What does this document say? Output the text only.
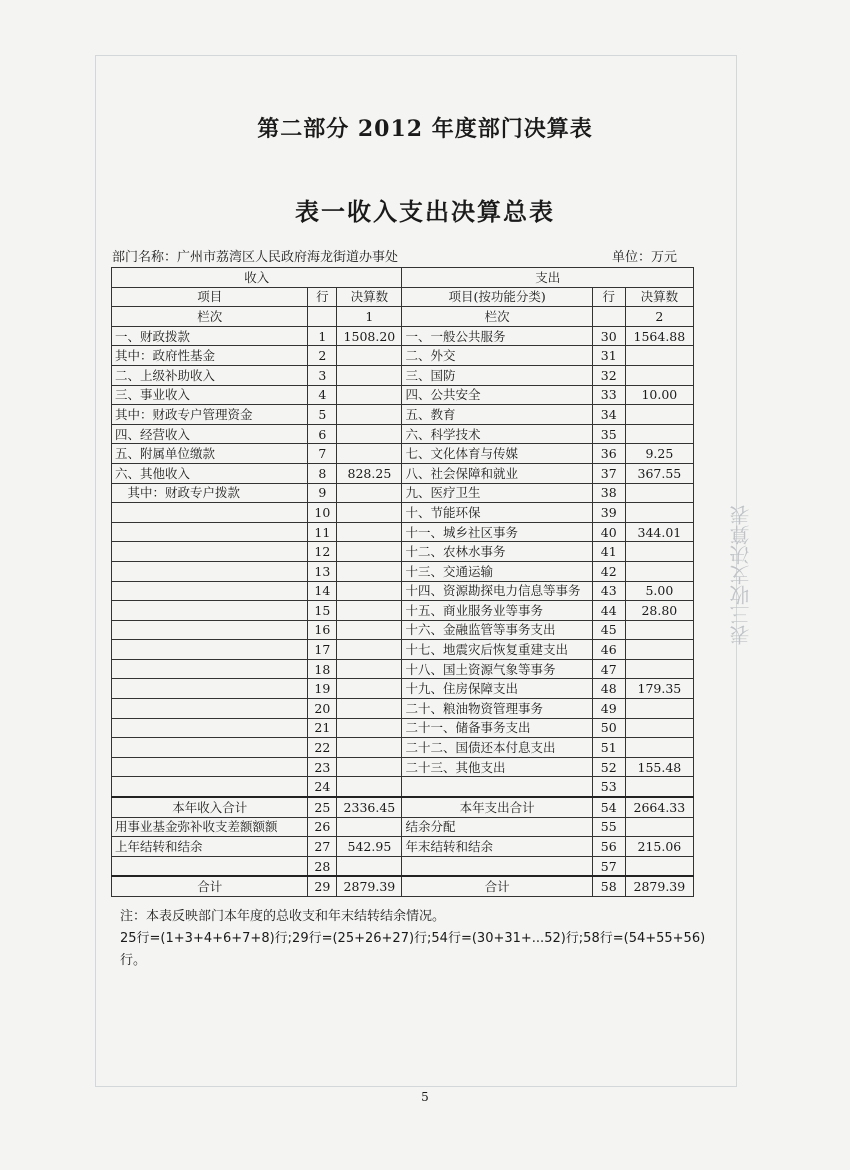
表三收支决算表
第二部分 2012 年度部门决算表
表一收入支出决算总表
部门名称：广州市荔湾区人民政府海龙街道办事处	单位：万元
收入			支出		
项目	行	决算数	项目(按功能分类)	行	决算数
栏次		1	栏次		2
一、财政拨款	1	1508.20	一、一般公共服务	30	1564.88
其中：政府性基金	2		二、外交	31	
二、上级补助收入	3		三、国防	32	
三、事业收入	4		四、公共安全	33	10.00
其中：财政专户管理资金	5		五、教育	34	
四、经营收入	6		六、科学技术	35	
五、附属单位缴款	7		七、文化体育与传媒	36	9.25
六、其他收入	8	828.25	八、社会保障和就业	37	367.55
　其中：财政专户拨款	9		九、医疗卫生	38	
	10		十、节能环保	39	
	11		十一、城乡社区事务	40	344.01
	12		十二、农林水事务	41	
	13		十三、交通运输	42	
	14		十四、资源勘探电力信息等事务	43	5.00
	15		十五、商业服务业等事务	44	28.80
	16		十六、金融监管等事务支出	45	
	17		十七、地震灾后恢复重建支出	46	
	18		十八、国土资源气象等事务	47	
	19		十九、住房保障支出	48	179.35
	20		二十、粮油物资管理事务	49	
	21		二十一、储备事务支出	50	
	22		二十二、国债还本付息支出	51	
	23		二十三、其他支出	52	155.48
	24			53	
本年收入合计	25	2336.45	本年支出合计	54	2664.33
用事业基金弥补收支差额额额	26		结余分配	55	
上年结转和结余	27	542.95	年末结转和结余	56	215.06
	28			57	
合计	29	2879.39	合计	58	2879.39
注：本表反映部门本年度的总收支和年末结转结余情况。
25行=(1+3+4+6+7+8)行;29行=(25+26+27)行;54行=(30+31+...52)行;58行=(54+55+56)
行。
5
